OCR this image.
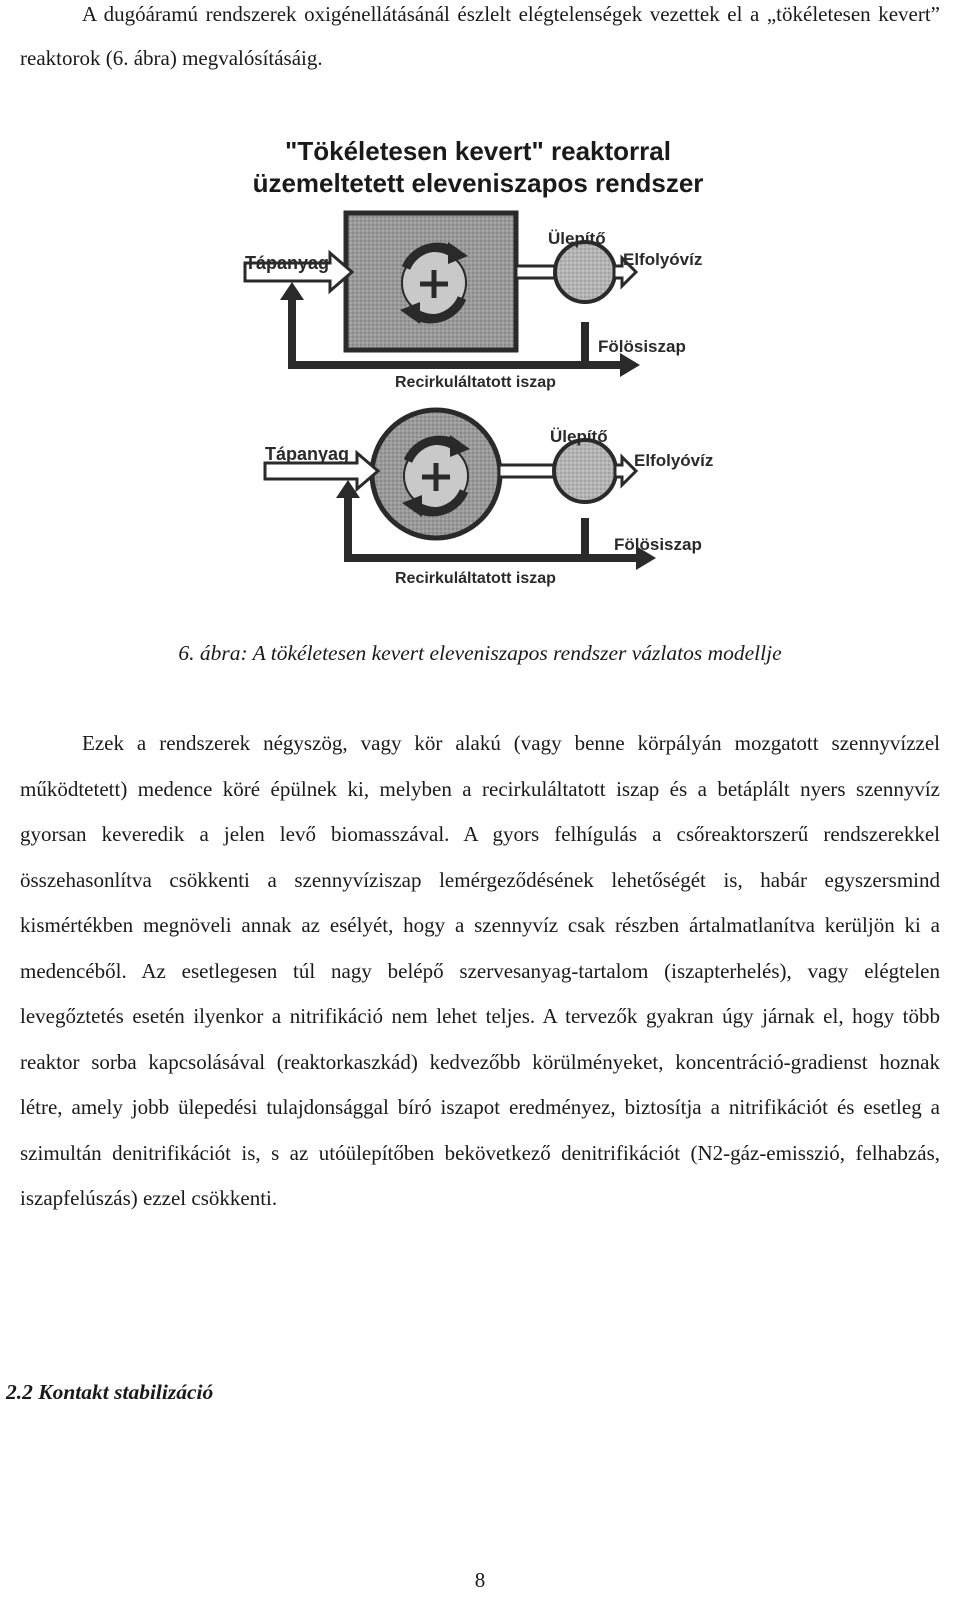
A dugóáramú rendszerek oxigénellátásánál észlelt elégtelenségek vezettek el a „tökéletesen kevert” reaktorok (6. ábra) megvalósításáig.

"Tökéletesen kevert" reaktorral
üzemeltetett eleveniszapos rendszer
Tápanyag
Ülepítő
Elfolyóvíz
Fölösiszap
Recirkuláltatott iszap
Tápanyag
Ülepítő
Elfolyóvíz
Fölösiszap
Recirkuláltatott iszap
6. ábra: A tökéletesen kevert eleveniszapos rendszer vázlatos modellje

Ezek a rendszerek négyszög, vagy kör alakú (vagy benne körpályán mozgatott szennyvízzel működtetett) medence köré épülnek ki, melyben a recirkuláltatott iszap és a betáplált nyers szennyvíz gyorsan keveredik a jelen levő biomasszával. A gyors felhígulás a csőreaktorszerű rendszerekkel összehasonlítva csökkenti a szennyvíziszap lemérgeződésének lehetőségét is, habár egyszersmind kismértékben megnöveli annak az esélyét, hogy a szennyvíz csak részben ártalmatlanítva kerüljön ki a medencéből. Az esetlegesen túl nagy belépő szervesanyag-tartalom (iszapterhelés), vagy elégtelen levegőztetés esetén ilyenkor a nitrifikáció nem lehet teljes. A tervezők gyakran úgy járnak el, hogy több reaktor sorba kapcsolásával (reaktorkaszkád) kedvezőbb körülményeket, koncentráció-gradienst hoznak létre, amely jobb ülepedési tulajdonsággal bíró iszapot eredményez, biztosítja a nitrifikációt és esetleg a szimultán denitrifikációt is, s az utóülepítőben bekövetkező denitrifikációt (N2-gáz-emisszió, felhabzás, iszapfelúszás) ezzel csökkenti.

2.2 Kontakt stabilizáció
8
